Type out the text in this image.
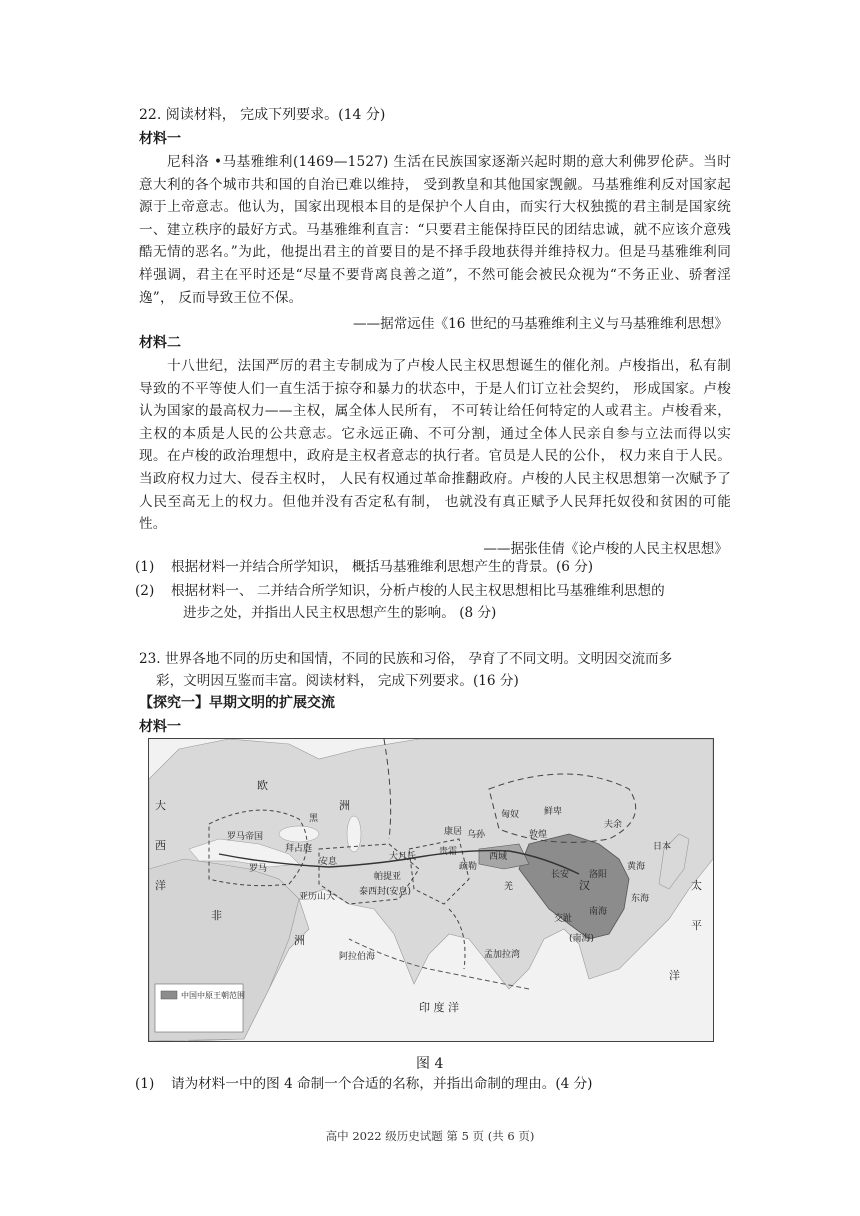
22. 阅读材料， 完成下列要求。(14 分)
材料一
尼科洛 •马基雅维利(1469—1527) 生活在民族国家逐渐兴起时期的意大利佛罗伦萨。当时意大利的各个城市共和国的自治已难以维持， 受到教皇和其他国家觊觎。马基雅维利反对国家起源于上帝意志。他认为，国家出现根本目的是保护个人自由，而实行大权独揽的君主制是国家统一、建立秩序的最好方式。马基雅维利直言：“只要君主能保持臣民的团结忠诚，就不应该介意残酷无情的恶名。”为此，他提出君主的首要目的是不择手段地获得并维持权力。但是马基雅维利同样强调，君主在平时还是“尽量不要背离良善之道”，不然可能会被民众视为“不务正业、骄奢淫逸”， 反而导致王位不保。
——据常远佳《16 世纪的马基雅维利主义与马基雅维利思想》
材料二
十八世纪，法国严厉的君主专制成为了卢梭人民主权思想诞生的催化剂。卢梭指出，私有制导致的不平等使人们一直生活于掠夺和暴力的状态中，于是人们订立社会契约， 形成国家。卢梭认为国家的最高权力——主权，属全体人民所有， 不可转让给任何特定的人或君主。卢梭看来，主权的本质是人民的公共意志。它永远正确、不可分割，通过全体人民亲自参与立法而得以实现。在卢梭的政治理想中，政府是主权者意志的执行者。官员是人民的公仆， 权力来自于人民。当政府权力过大、侵吞主权时， 人民有权通过革命推翻政府。卢梭的人民主权思想第一次赋予了人民至高无上的权力。但他并没有否定私有制， 也就没有真正赋予人民拜托奴役和贫困的可能性。
——据张佳倩《论卢梭的人民主权思想》
(1) 根据材料一并结合所学知识， 概括马基雅维利思想产生的背景。(6 分)
(2) 根据材料一、 二并结合所学知识，分析卢梭的人民主权思想相比马基雅维利思想的
进步之处，并指出人民主权思想产生的影响。 (8 分)
23. 世界各地不同的历史和国情，不同的民族和习俗， 孕育了不同文明。文明因交流而多
彩，文明因互鉴而丰富。阅读材料， 完成下列要求。(16 分)
【探究一】早期文明的扩展交流
材料一
大
西
洋
欧
洲
罗马帝国
拜占庭
罗马
黑
安息
帕提亚
大月氏	贵霜
康居 乌孙
匈奴	鲜卑
夫余
敦煌
西域
疏勒
羌	汉
长安 洛阳
交趾
南海
日本
亚历山大	泰西封(安息)
非
洲
阿拉伯海
印 度 洋
孟加拉湾
(南海)
太
平
洋
黄海
东海
中国中原王朝范围
图 4
(1) 请为材料一中的图 4 命制一个合适的名称，并指出命制的理由。(4 分)
高中 2022 级历史试题 第 5 页 (共 6 页)
